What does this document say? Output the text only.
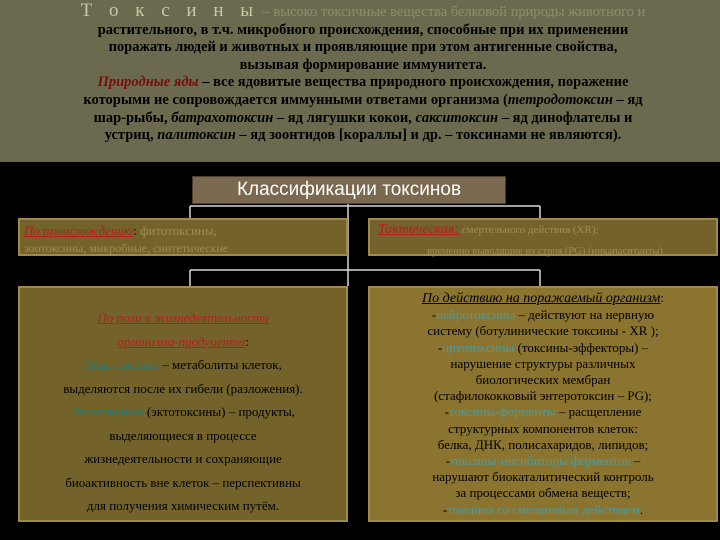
Т о к с и н ы – высоко токсичные вещества белковой природы животного и
растительного, в т.ч. микробного происхождения, способные при их применении
поражать людей и животных и проявляющие при этом антигенные свойства,
вызывая формирование иммунитета.
Природные яды – все ядовитые вещества природного происхождения, поражение
которыми не сопровождается иммунными ответами организма (тетродотоксин – яд
шар-рыбы, батрахотоксин – яд лягушки кокои, cакситоксин – яд динофлателы и
устриц, палитоксин – яд зоонтидов [кораллы] и др. – токсинами не являются).
Классификации токсинов
По происхождению: фитотоксины,
зоотоксины, микробные, синтетические
Тактическая: смертельного действия (XR);
временно выводящие из строя (PG) (инкапаситанты)
По роли в жизнедеятельности
организма-продуцента:
Эндотоксины – метаболиты клеток,
выделяются после их гибели (разложения).
Экзотоксины (эктотоксины) – продукты,
выделяющиеся в процессе
жизнедеятельности и сохраняющие
биоактивность вне клеток – перспективны
для получения химическим путём.
По действию на поражаемый организм:
-нейротоксины – действуют на нервную
систему (ботулинические токсины - XR );
-цитотоксины (токсины-эффекторы) –
нарушение структуры различных
биологических мембран
(стафилококковый энтеротоксин – PG);
-токсины-ферменты – расщепление
структурных компонентов клеток:
белка, ДНК, полисахаридов, липидов;
-токсины-ингибиторы ферментов –
нарушают биокаталитический контроль
за процессами обмена веществ;
-токсины со смешанным действием.
